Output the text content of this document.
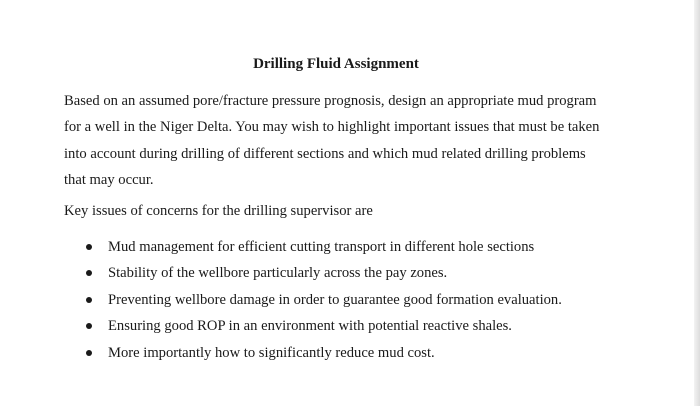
Drilling Fluid Assignment

Based on an assumed pore/fracture pressure prognosis, design an appropriate mud program for a well in the Niger Delta. You may wish to highlight important issues that must be taken into account during drilling of different sections and which mud related drilling problems that may occur.

Key issues of concerns for the drilling supervisor are

Mud management for efficient cutting transport in different hole sections
Stability of the wellbore particularly across the pay zones.
Preventing wellbore damage in order to guarantee good formation evaluation.
Ensuring good ROP in an environment with potential reactive shales.
More importantly how to significantly reduce mud cost.
